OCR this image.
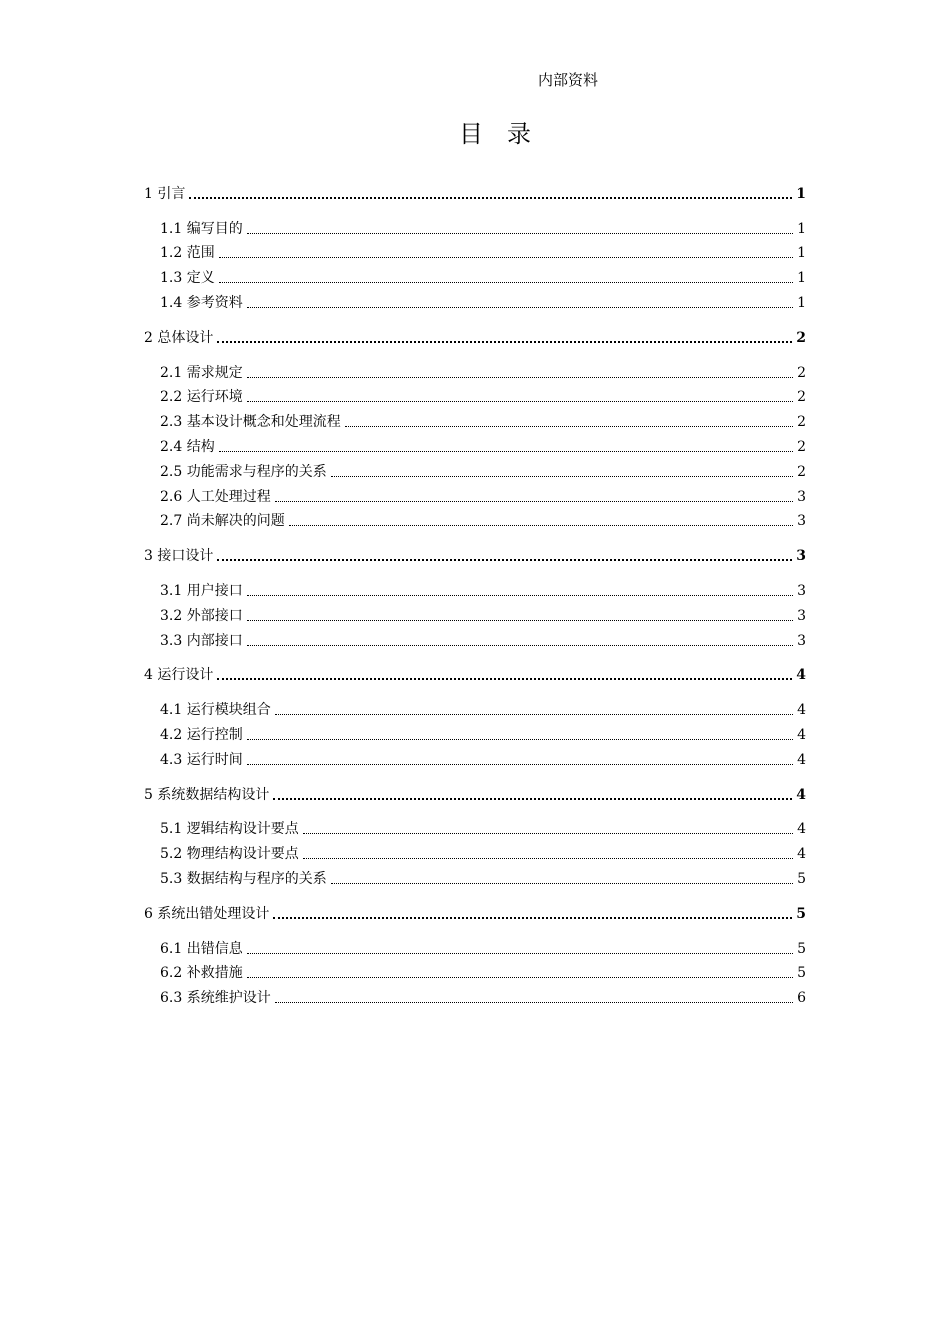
内部资料
目　录
1 引言	1
1.1 编写目的	1
1.2 范围	1
1.3 定义	1
1.4 参考资料	1
2 总体设计	2
2.1 需求规定	2
2.2 运行环境	2
2.3 基本设计概念和处理流程	2
2.4 结构	2
2.5 功能需求与程序的关系	2
2.6 人工处理过程	3
2.7 尚未解决的问题	3
3 接口设计	3
3.1 用户接口	3
3.2 外部接口	3
3.3 内部接口	3
4 运行设计	4
4.1 运行模块组合	4
4.2 运行控制	4
4.3 运行时间	4
5 系统数据结构设计	4
5.1 逻辑结构设计要点	4
5.2 物理结构设计要点	4
5.3 数据结构与程序的关系	5
6 系统出错处理设计	5
6.1 出错信息	5
6.2 补救措施	5
6.3 系统维护设计	6
